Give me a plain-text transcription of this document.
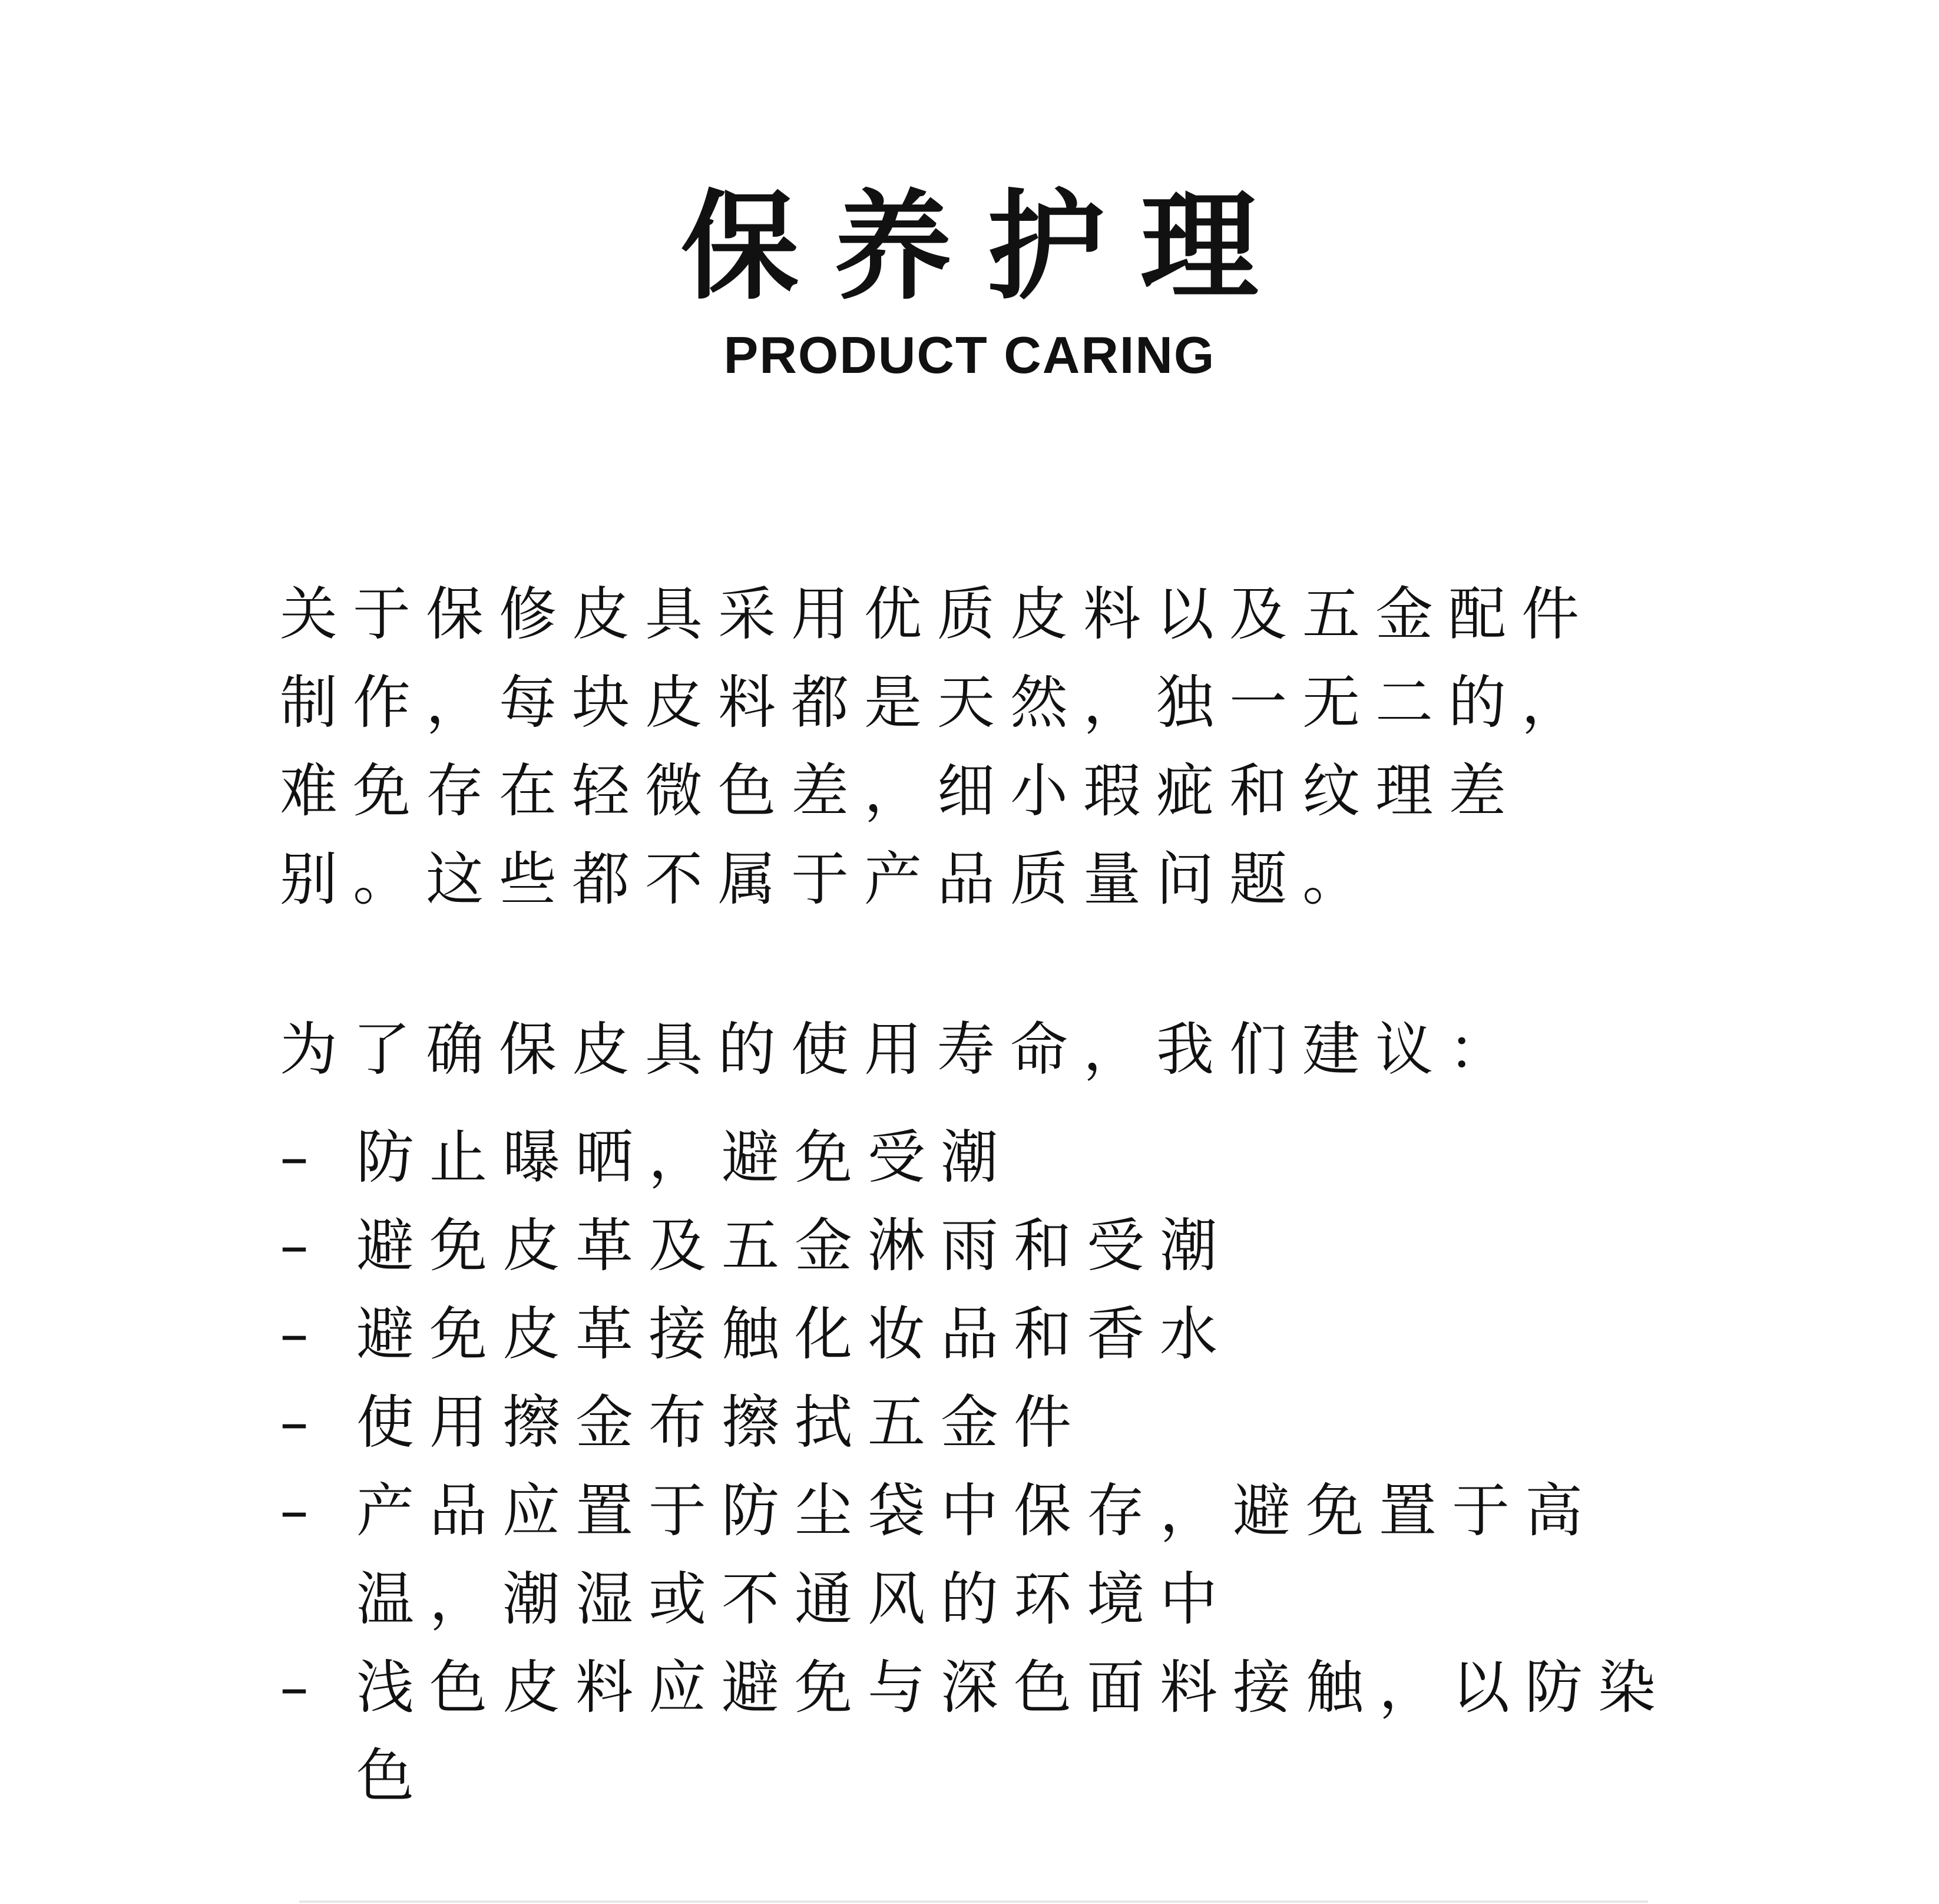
保养护理
PRODUCT CARING

关于保修皮具采用优质皮料以及五金配件制作，每块皮料都是天然，独一无二的，难免存在轻微色差，细小瑕疵和纹理差别。这些都不属于产品质量问题。

为了确保皮具的使用寿命，我们建议：

– 防止曝晒，避免受潮
– 避免皮革及五金淋雨和受潮
– 避免皮革接触化妆品和香水
– 使用擦金布擦拭五金件
– 产品应置于防尘袋中保存，避免置于高温，潮湿或不通风的环境中
– 浅色皮料应避免与深色面料接触，以防染色
